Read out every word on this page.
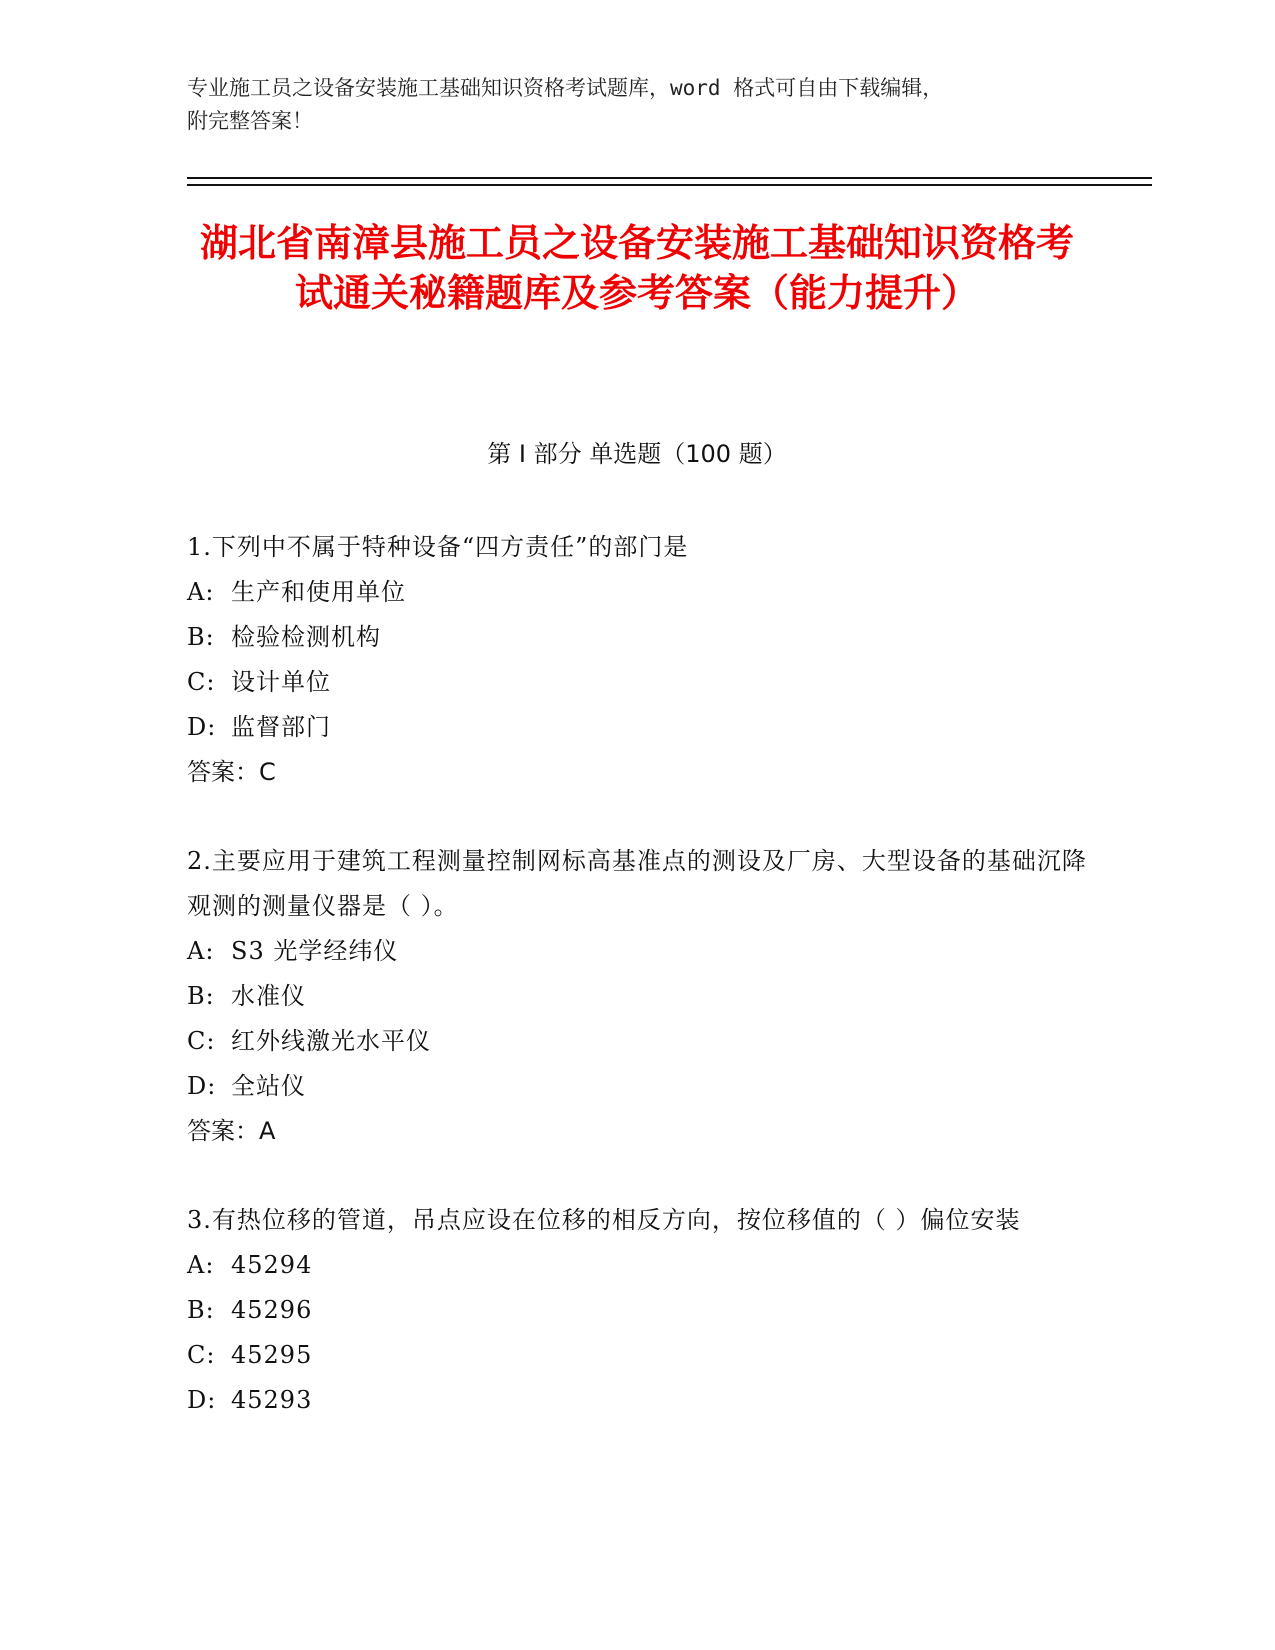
专业施工员之设备安装施工基础知识资格考试题库，word 格式可自由下载编辑，
附完整答案！
湖北省南漳县施工员之设备安装施工基础知识资格考试通关秘籍题库及参考答案（能力提升）
第 I 部分 单选题（100 题）

1.下列中不属于特种设备“四方责任”的部门是

A: 生产和使用单位

B: 检验检测机构

C: 设计单位

D: 监督部门

答案：C

2.主要应用于建筑工程测量控制网标高基准点的测设及厂房、大型设备的基础沉降观测的测量仪器是（ ）。

A: S3 光学经纬仪

B: 水准仪

C: 红外线激光水平仪

D: 全站仪

答案：A

3.有热位移的管道，吊点应设在位移的相反方向，按位移值的（ ）偏位安装

A: 45294

B: 45296

C: 45295

D: 45293
